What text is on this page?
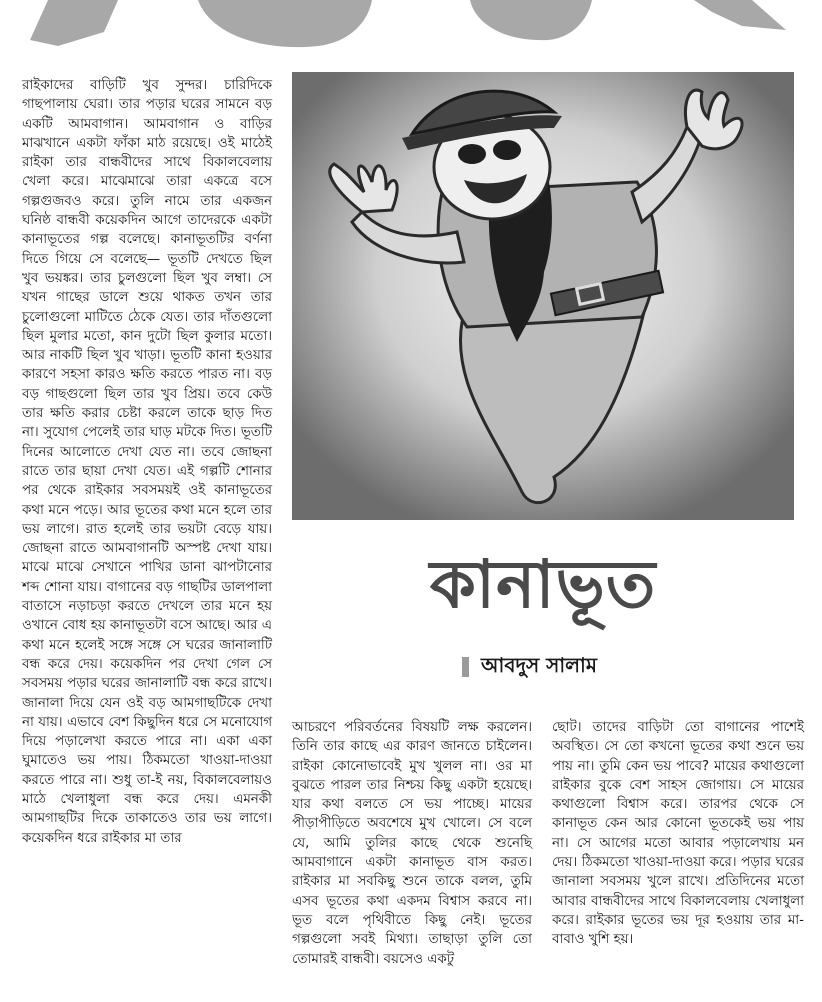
রাইকাদের বাড়িটি খুব সুন্দর। চারিদিকে গাছপালায় ঘেরা। তার পড়ার ঘরের সামনে বড় একটি আমবাগান। আমবাগান ও বাড়ির মাঝখানে একটা ফাঁকা মাঠ রয়েছে। ওই মাঠেই রাইকা তার বান্ধবীদের সাথে বিকালবেলায় খেলা করে। মাঝেমাঝে তারা একত্রে বসে গল্পগুজবও করে। তুলি নামে তার একজন ঘনিষ্ঠ বান্ধবী কয়েকদিন আগে তাদেরকে একটা কানাভূতের গল্প বলেছে। কানাভূতটির বর্ণনা দিতে গিয়ে সে বলেছে— ভূতটি দেখতে ছিল খুব ভয়ঙ্কর। তার চুলগুলো ছিল খুব লম্বা। সে যখন গাছের ডালে শুয়ে থাকত তখন তার চুলোগুলো মাটিতে ঠেকে যেত। তার দাঁতগুলো ছিল মুলার মতো, কান দুটো ছিল কুলার মতো। আর নাকটি ছিল খুব খাড়া। ভূতটি কানা হওয়ার কারণে সহসা কারও ক্ষতি করতে পারত না। বড় বড় গাছগুলো ছিল তার খুব প্রিয়। তবে কেউ তার ক্ষতি করার চেষ্টা করলে তাকে ছাড় দিত না। সুযোগ পেলেই তার ঘাড় মটকে দিত। ভূতটি দিনের আলোতে দেখা যেত না। তবে জোছনা রাতে তার ছায়া দেখা যেত। এই গল্পটি শোনার পর থেকে রাইকার সবসময়ই ওই কানাভূতের কথা মনে পড়ে। আর ভূতের কথা মনে হলে তার ভয় লাগে। রাত হলেই তার ভয়টা বেড়ে যায়। জোছনা রাতে আমবাগানটি অস্পষ্ট দেখা যায়। মাঝে মাঝে সেখানে পাখির ডানা ঝাপটানোর শব্দ শোনা যায়। বাগানের বড় গাছটির ডালপালা বাতাসে নড়াচড়া করতে দেখলে তার মনে হয় ওখানে বোধ হয় কানাভূতটা বসে আছে। আর এ কথা মনে হলেই সঙ্গে সঙ্গে সে ঘরের জানালাটি বন্ধ করে দেয়। কয়েকদিন পর দেখা গেল সে সবসময় পড়ার ঘরের জানালাটি বন্ধ করে রাখে। জানালা দিয়ে যেন ওই বড় আমগাছটিকে দেখা না যায়। এভাবে বেশ কিছুদিন ধরে সে মনোযোগ দিয়ে পড়ালেখা করতে পারে না। একা একা ঘুমাতেও ভয় পায়। ঠিকমতো খাওয়া-দাওয়া করতে পারে না। শুধু তা-ই নয়, বিকালবেলায়ও মাঠে খেলাধুলা বন্ধ করে দেয়। এমনকী আমগাছটির দিকে তাকাতেও তার ভয় লাগে। কয়েকদিন ধরে রাইকার মা তার

কানাভূত
আবদুস সালাম

আচরণে পরিবর্তনের বিষয়টি লক্ষ করলেন। তিনি তার কাছে এর কারণ জানতে চাইলেন। রাইকা কোনোভাবেই মুখ খুলল না। ওর মা বুঝতে পারল তার নিশ্চয় কিছু একটা হয়েছে। যার কথা বলতে সে ভয় পাচ্ছে। মায়ের পীড়াপীড়িতে অবশেষে মুখ খোলে। সে বলে যে, আমি তুলির কাছে থেকে শুনেছি আমবাগানে একটা কানাভূত বাস করত। রাইকার মা সবকিছু শুনে তাকে বলল, তুমি এসব ভূতের কথা একদম বিশ্বাস করবে না। ভূত বলে পৃথিবীতে কিছু নেই। ভূতের গল্পগুলো সবই মিথ্যা। তাছাড়া তুলি তো তোমারই বান্ধবী। বয়সেও একটু

ছোট। তাদের বাড়িটা তো বাগানের পাশেই অবস্থিত। সে তো কখনো ভূতের কথা শুনে ভয় পায় না। তুমি কেন ভয় পাবে? মায়ের কথাগুলো রাইকার বুকে বেশ সাহস জোগায়। সে মায়ের কথাগুলো বিশ্বাস করে। তারপর থেকে সে কানাভূত কেন আর কোনো ভূতকেই ভয় পায় না। সে আগের মতো আবার পড়ালেখায় মন দেয়। ঠিকমতো খাওয়া-দাওয়া করে। পড়ার ঘরের জানালা সবসময় খুলে রাখে। প্রতিদিনের মতো আবার বান্ধবীদের সাথে বিকালবেলায় খেলাধুলা করে। রাইকার ভূতের ভয় দূর হওয়ায় তার মা-বাবাও খুশি হয়।
